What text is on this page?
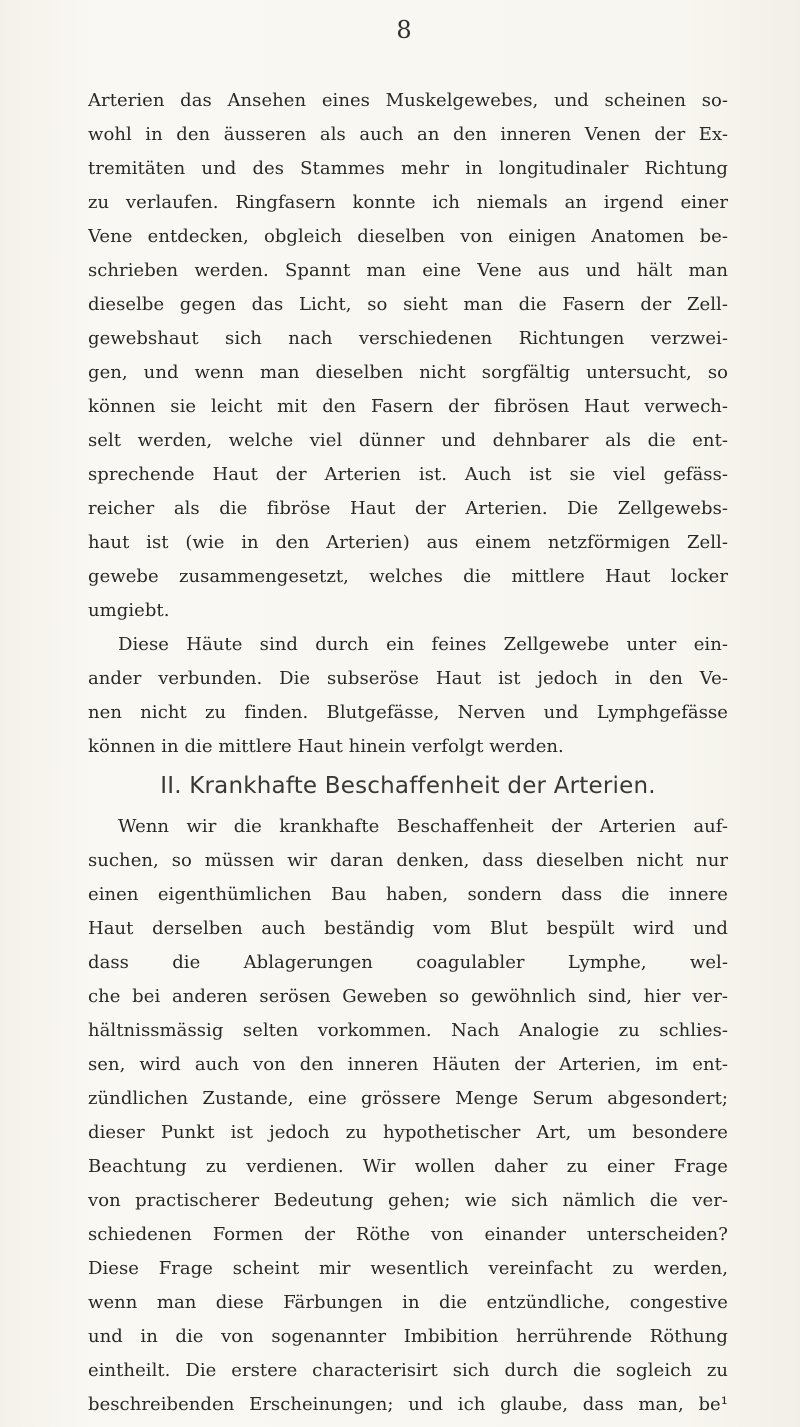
8
Arterien das Ansehen eines Muskelgewebes, und scheinen so-
wohl in den äusseren als auch an den inneren Venen der Ex-
tremitäten und des Stammes mehr in longitudinaler Richtung
zu verlaufen. Ringfasern konnte ich niemals an irgend einer
Vene entdecken, obgleich dieselben von einigen Anatomen be-
schrieben werden. Spannt man eine Vene aus und hält man
dieselbe gegen das Licht, so sieht man die Fasern der Zell-
gewebshaut sich nach verschiedenen Richtungen verzwei-
gen, und wenn man dieselben nicht sorgfältig untersucht, so
können sie leicht mit den Fasern der fibrösen Haut verwech-
selt werden, welche viel dünner und dehnbarer als die ent-
sprechende Haut der Arterien ist. Auch ist sie viel gefäss-
reicher als die fibröse Haut der Arterien. Die Zellgewebs-
haut ist (wie in den Arterien) aus einem netzförmigen Zell-
gewebe zusammengesetzt, welches die mittlere Haut locker
umgiebt.
Diese Häute sind durch ein feines Zellgewebe unter ein-
ander verbunden. Die subseröse Haut ist jedoch in den Ve-
nen nicht zu finden. Blutgefässe, Nerven und Lymphgefässe
können in die mittlere Haut hinein verfolgt werden.
II. Krankhafte Beschaffenheit der Arterien.
Wenn wir die krankhafte Beschaffenheit der Arterien auf-
suchen, so müssen wir daran denken, dass dieselben nicht nur
einen eigenthümlichen Bau haben, sondern dass die innere
Haut derselben auch beständig vom Blut bespült wird und
dass die Ablagerungen coagulabler Lymphe, wel-
che bei anderen serösen Geweben so gewöhnlich sind, hier ver-
hältnissmässig selten vorkommen. Nach Analogie zu schlies-
sen, wird auch von den inneren Häuten der Arterien, im ent-
zündlichen Zustande, eine grössere Menge Serum abgesondert;
dieser Punkt ist jedoch zu hypothetischer Art, um besondere
Beachtung zu verdienen. Wir wollen daher zu einer Frage
von practischerer Bedeutung gehen; wie sich nämlich die ver-
schiedenen Formen der Röthe von einander unterscheiden?
Diese Frage scheint mir wesentlich vereinfacht zu werden,
wenn man diese Färbungen in die entzündliche, congestive
und in die von sogenannter Imbibition herrührende Röthung
eintheilt. Die erstere characterisirt sich durch die sogleich zu
beschreibenden Erscheinungen; und ich glaube, dass man, be¹
